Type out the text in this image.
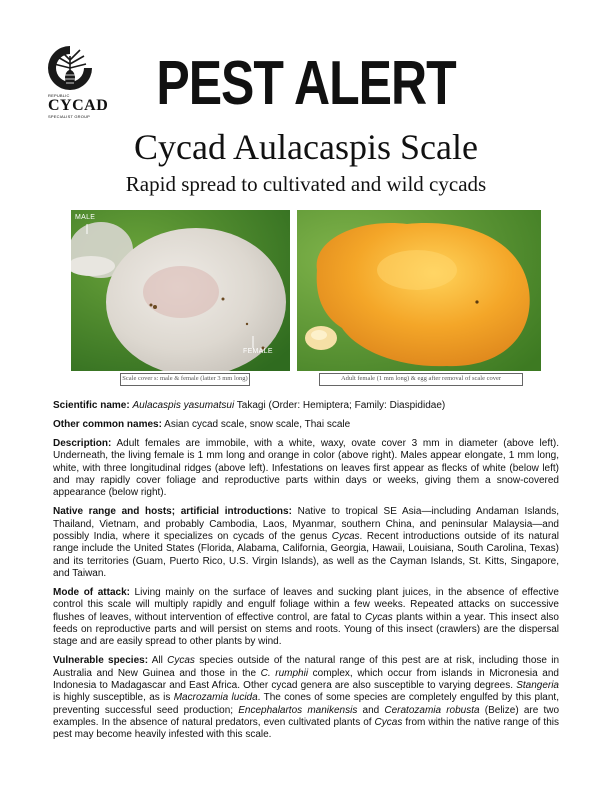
REPUBLIC
CYCAD
SPECIALIST GROUP PEST ALERT
Cycad Aulacaspis Scale
Rapid spread to cultivated and wild cycads
MALE
FEMALE
Scale cover s: male & female (latter 3 mm long)	Adult female (1 mm long) & egg after removal of scale cover

Scientific name: Aulacaspis yasumatsui Takagi (Order: Hemiptera; Family: Diaspididae)

Other common names: Asian cycad scale, snow scale, Thai scale

Description: Adult females are immobile, with a white, waxy, ovate cover 3 mm in diameter (above left). Underneath, the living female is 1 mm long and orange in color (above right). Males appear elongate, 1 mm long, white, with three longitudinal ridges (above left). Infestations on leaves first appear as flecks of white (below left) and may rapidly cover foliage and reproductive parts within days or weeks, giving them a snow-covered appearance (below right).

Native range and hosts; artificial introductions: Native to tropical SE Asia—including Andaman Islands, Thailand, Vietnam, and probably Cambodia, Laos, Myanmar, southern China, and peninsular Malaysia—and possibly India, where it specializes on cycads of the genus Cycas. Recent introductions outside of its natural range include the United States (Florida, Alabama, California, Georgia, Hawaii, Louisiana, South Carolina, Texas) and its territories (Guam, Puerto Rico, U.S. Virgin Islands), as well as the Cayman Islands, St. Kitts, Singapore, and Taiwan.

Mode of attack: Living mainly on the surface of leaves and sucking plant juices, in the absence of effective control this scale will multiply rapidly and engulf foliage within a few weeks. Repeated attacks on successive flushes of leaves, without intervention of effective control, are fatal to Cycas plants within a year. This insect also feeds on reproductive parts and will persist on stems and roots. Young of this insect (crawlers) are the dispersal stage and are easily spread to other plants by wind.

Vulnerable species: All Cycas species outside of the natural range of this pest are at risk, including those in Australia and New Guinea and those in the C. rumphii complex, which occur from islands in Micronesia and Indonesia to Madagascar and East Africa. Other cycad genera are also susceptible to varying degrees. Stangeria is highly susceptible, as is Macrozamia lucida. The cones of some species are completely engulfed by this plant, preventing successful seed production; Encephalartos manikensis and Ceratozamia robusta (Belize) are two examples. In the absence of natural predators, even cultivated plants of Cycas from within the native range of this pest may become heavily infested with this scale.
